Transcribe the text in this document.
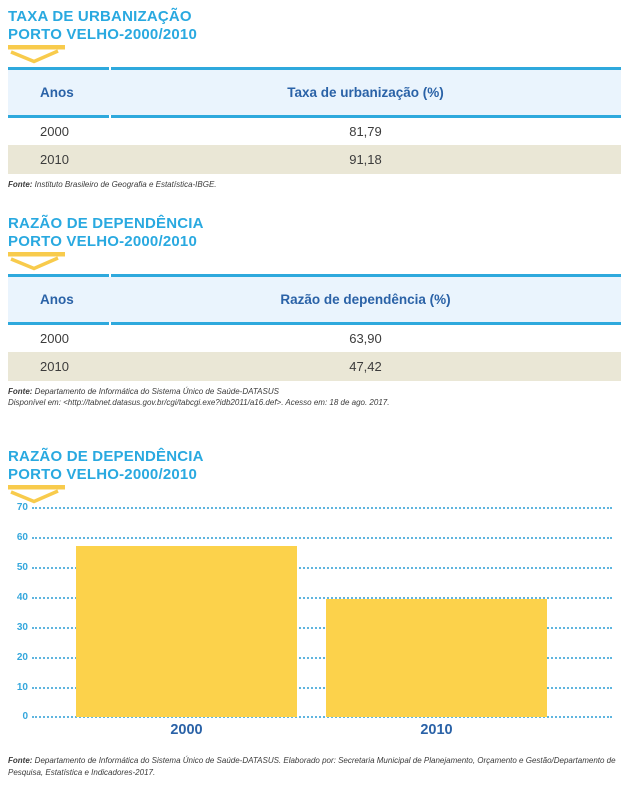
TAXA DE URBANIZAÇÃO
PORTO VELHO-2000/2010
Anos	Taxa de urbanização (%)
2000	81,79
2010	91,18
Fonte: Instituto Brasileiro de Geografia e Estatística-IBGE.
RAZÃO DE DEPENDÊNCIA
PORTO VELHO-2000/2010
Anos	Razão de dependência (%)
2000	63,90
2010	47,42
Fonte: Departamento de Informática do Sistema Único de Saúde-DATASUS
Disponível em: <http://tabnet.datasus.gov.br/cgi/tabcgi.exe?idb2011/a16.def>. Acesso em: 18 de ago. 2017.
RAZÃO DE DEPENDÊNCIA
PORTO VELHO-2000/2010
70
60
50
40
30
20
10
0
2000	2010
Fonte: Departamento de Informática do Sistema Único de Saúde-DATASUS. Elaborado por: Secretaria Municipal de Planejamento, Orçamento e Gestão/Departamento de Pesquisa, Estatística e Indicadores-2017.
